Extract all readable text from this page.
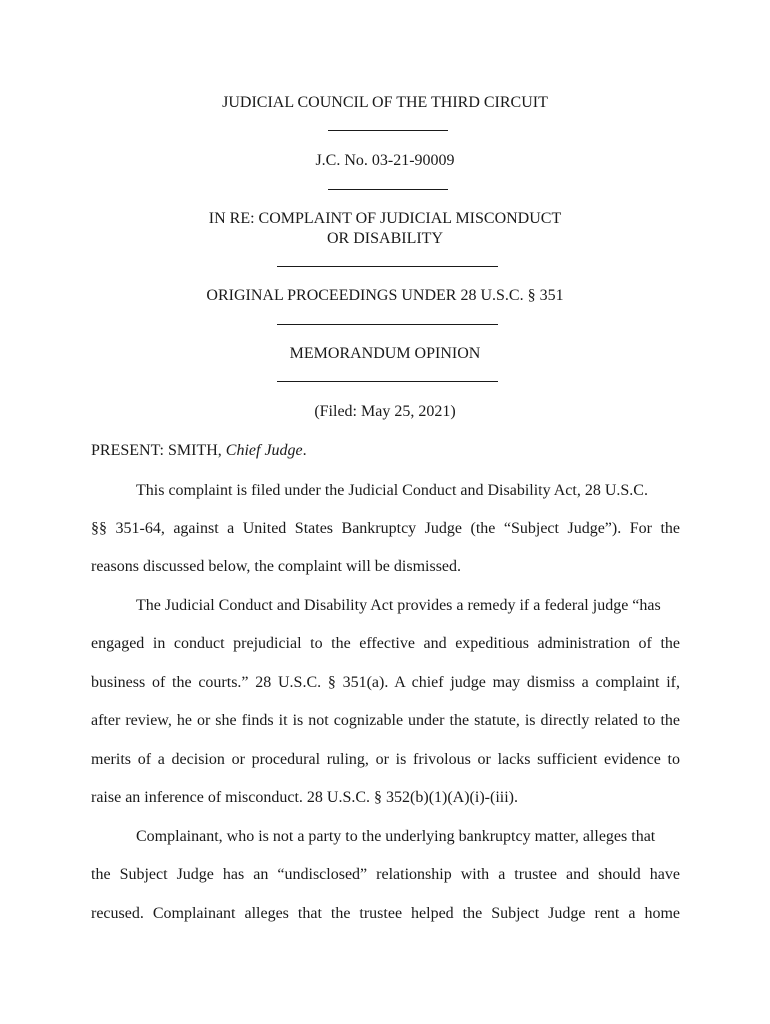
JUDICIAL COUNCIL OF THE THIRD CIRCUIT
J.C. No. 03-21-90009
IN RE: COMPLAINT OF JUDICIAL MISCONDUCT
OR DISABILITY
ORIGINAL PROCEEDINGS UNDER 28 U.S.C. § 351
MEMORANDUM OPINION
(Filed: May 25, 2021)
PRESENT: SMITH, Chief Judge.
This complaint is filed under the Judicial Conduct and Disability Act, 28 U.S.C.
§§ 351-64, against a United States Bankruptcy Judge (the “Subject Judge”). For the
reasons discussed below, the complaint will be dismissed.
The Judicial Conduct and Disability Act provides a remedy if a federal judge “has
engaged in conduct prejudicial to the effective and expeditious administration of the
business of the courts.” 28 U.S.C. § 351(a). A chief judge may dismiss a complaint if,
after review, he or she finds it is not cognizable under the statute, is directly related to the
merits of a decision or procedural ruling, or is frivolous or lacks sufficient evidence to
raise an inference of misconduct. 28 U.S.C. § 352(b)(1)(A)(i)-(iii).
Complainant, who is not a party to the underlying bankruptcy matter, alleges that
the Subject Judge has an “undisclosed” relationship with a trustee and should have
recused. Complainant alleges that the trustee helped the Subject Judge rent a home
